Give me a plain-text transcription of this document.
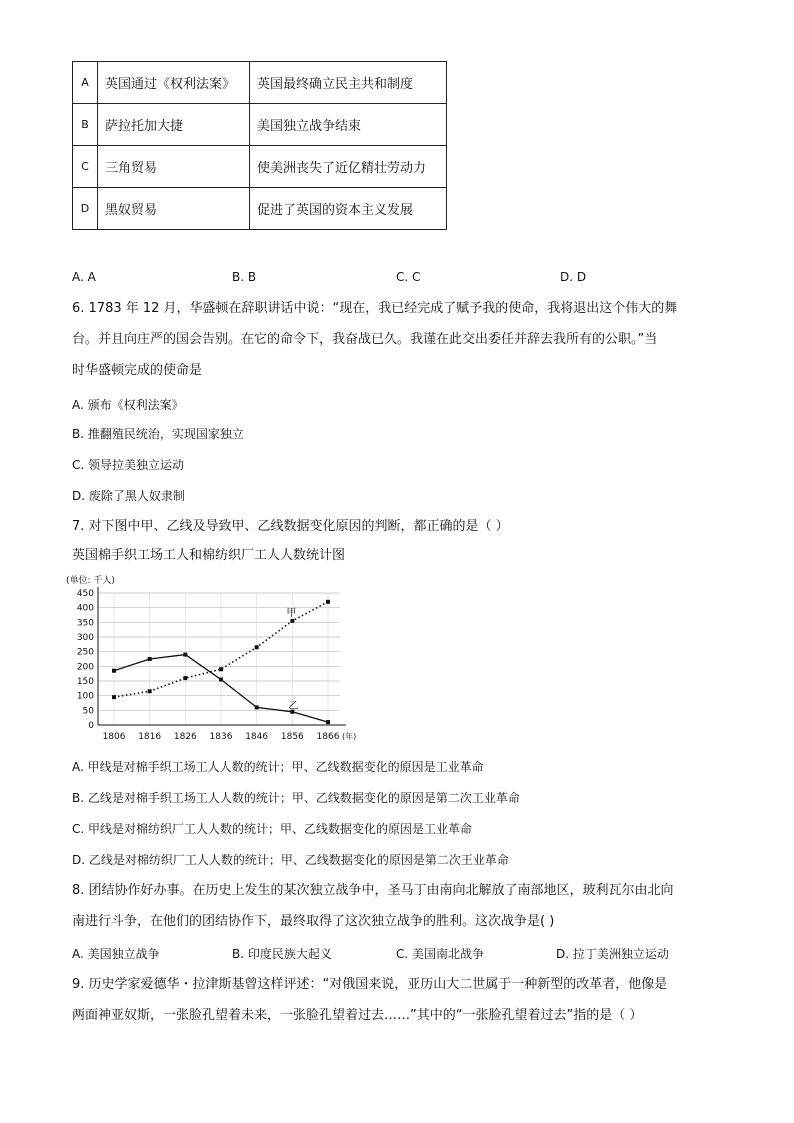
A	英国通过《权利法案》	英国最终确立民主共和制度
B	萨拉托加大捷	美国独立战争结束
C	三角贸易	使美洲丧失了近亿精壮劳动力
D	黑奴贸易	促进了英国的资本主义发展
A. A	B. B	C. C	D. D
6. 1783 年 12 月，华盛顿在辞职讲话中说：“现在，我已经完成了赋予我的使命，我将退出这个伟大的舞
台。并且向庄严的国会告别。在它的命令下，我奋战已久。我谨在此交出委任并辞去我所有的公职。”当
时华盛顿完成的使命是
A. 颁布《权利法案》
B. 推翻殖民统治，实现国家独立
C. 领导拉美独立运动
D. 废除了黑人奴隶制
7. 对下图中甲、乙线及导致甲、乙线数据变化原因的判断，都正确的是（ ）
英国棉手织工场工人和棉纺织厂工人人数统计图
0
50
100
150
200
250
300
350
400
450
(单位: 千人)
1806 1816 1826 1836 1846 1856 1866 (年)
甲
乙
A. 甲线是对棉手织工场工人人数的统计；甲、乙线数据变化的原因是工业革命
B. 乙线是对棉手织工场工人人数的统计；甲、乙线数据变化的原因是第二次工业革命
C. 甲线是对棉纺织厂工人人数的统计；甲、乙线数据变化的原因是工业革命
D. 乙线是对棉纺织厂工人人数的统计；甲、乙线数据变化的原因是第二次王业革命
8. 团结协作好办事。在历史上发生的某次独立战争中，圣马丁由南向北解放了南部地区，玻利瓦尔由北向
南进行斗争，在他们的团结协作下，最终取得了这次独立战争的胜利。这次战争是( )
A. 美国独立战争	B. 印度民族大起义	C. 美国南北战争	D. 拉丁美洲独立运动
9. 历史学家爱德华・拉津斯基曾这样评述：“对俄国来说，亚历山大二世属于一种新型的改革者，他像是
两面神亚奴斯，一张脸孔望着未来，一张脸孔望着过去……”其中的“一张脸孔望着过去”指的是（ ）
